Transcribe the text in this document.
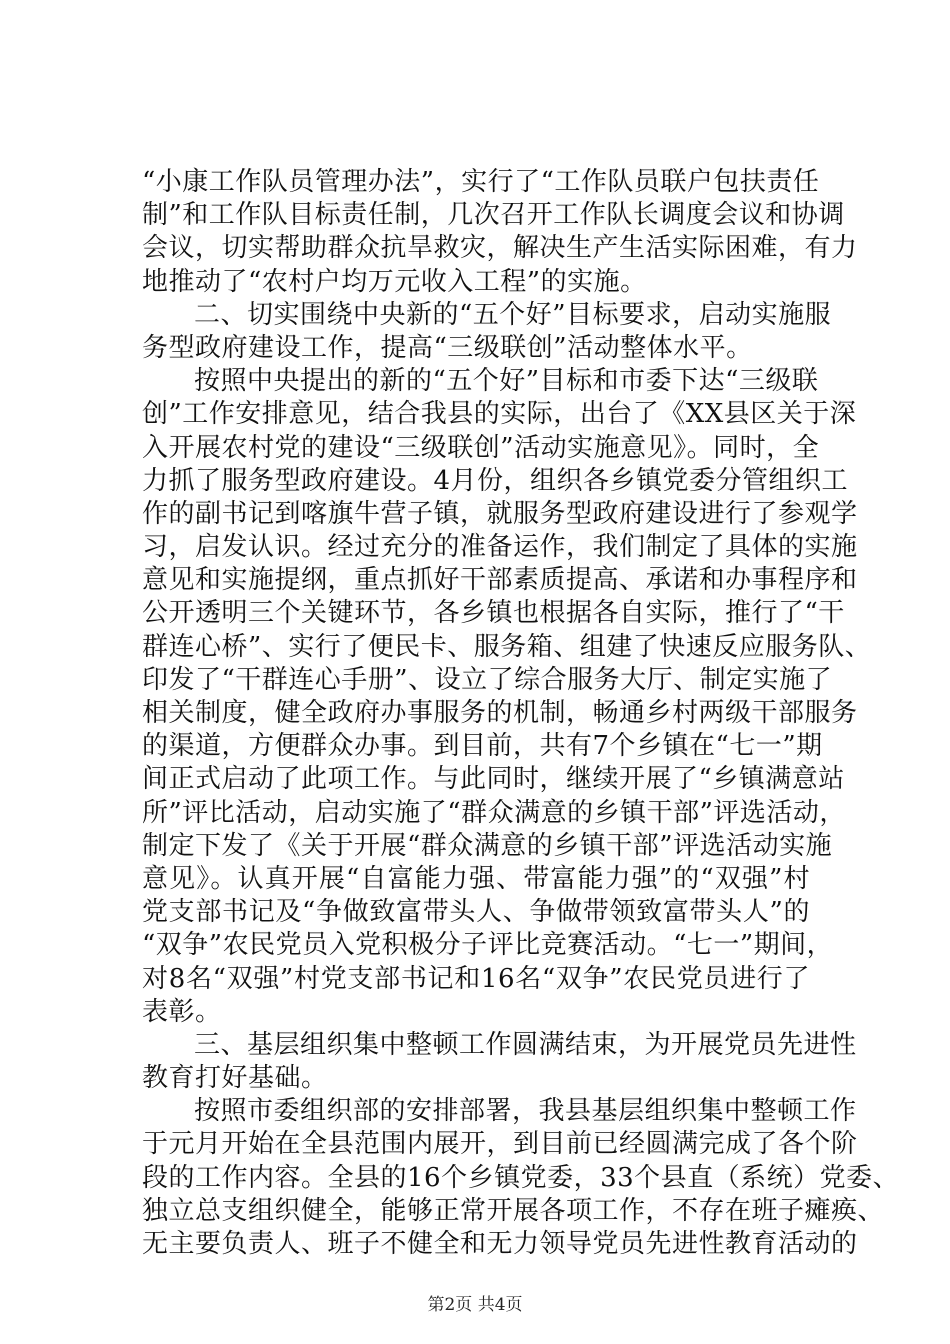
“小康工作队员管理办法”，实行了“工作队员联户包扶责任
制”和工作队目标责任制，几次召开工作队长调度会议和协调
会议，切实帮助群众抗旱救灾，解决生产生活实际困难，有力
地推动了“农村户均万元收入工程”的实施。
二、切实围绕中央新的“五个好”目标要求，启动实施服
务型政府建设工作，提高“三级联创”活动整体水平。
按照中央提出的新的“五个好”目标和市委下达“三级联
创”工作安排意见，结合我县的实际，出台了《XX县区关于深
入开展农村党的建设“三级联创”活动实施意见》。同时，全
力抓了服务型政府建设。4月份，组织各乡镇党委分管组织工
作的副书记到喀旗牛营子镇，就服务型政府建设进行了参观学
习，启发认识。经过充分的准备运作，我们制定了具体的实施
意见和实施提纲，重点抓好干部素质提高、承诺和办事程序和
公开透明三个关键环节，各乡镇也根据各自实际，推行了“干
群连心桥”、实行了便民卡、服务箱、组建了快速反应服务队、
印发了“干群连心手册”、设立了综合服务大厅、制定实施了
相关制度，健全政府办事服务的机制，畅通乡村两级干部服务
的渠道，方便群众办事。到目前，共有7个乡镇在“七一”期
间正式启动了此项工作。与此同时，继续开展了“乡镇满意站
所”评比活动，启动实施了“群众满意的乡镇干部”评选活动，
制定下发了《关于开展“群众满意的乡镇干部”评选活动实施
意见》。认真开展“自富能力强、带富能力强”的“双强”村
党支部书记及“争做致富带头人、争做带领致富带头人”的
“双争”农民党员入党积极分子评比竞赛活动。“七一”期间，
对8名“双强”村党支部书记和16名“双争”农民党员进行了
表彰。
三、基层组织集中整顿工作圆满结束，为开展党员先进性
教育打好基础。
按照市委组织部的安排部署，我县基层组织集中整顿工作
于元月开始在全县范围内展开，到目前已经圆满完成了各个阶
段的工作内容。全县的16个乡镇党委，33个县直（系统）党委、
独立总支组织健全，能够正常开展各项工作，不存在班子瘫痪、
无主要负责人、班子不健全和无力领导党员先进性教育活动的
第2页 共4页
